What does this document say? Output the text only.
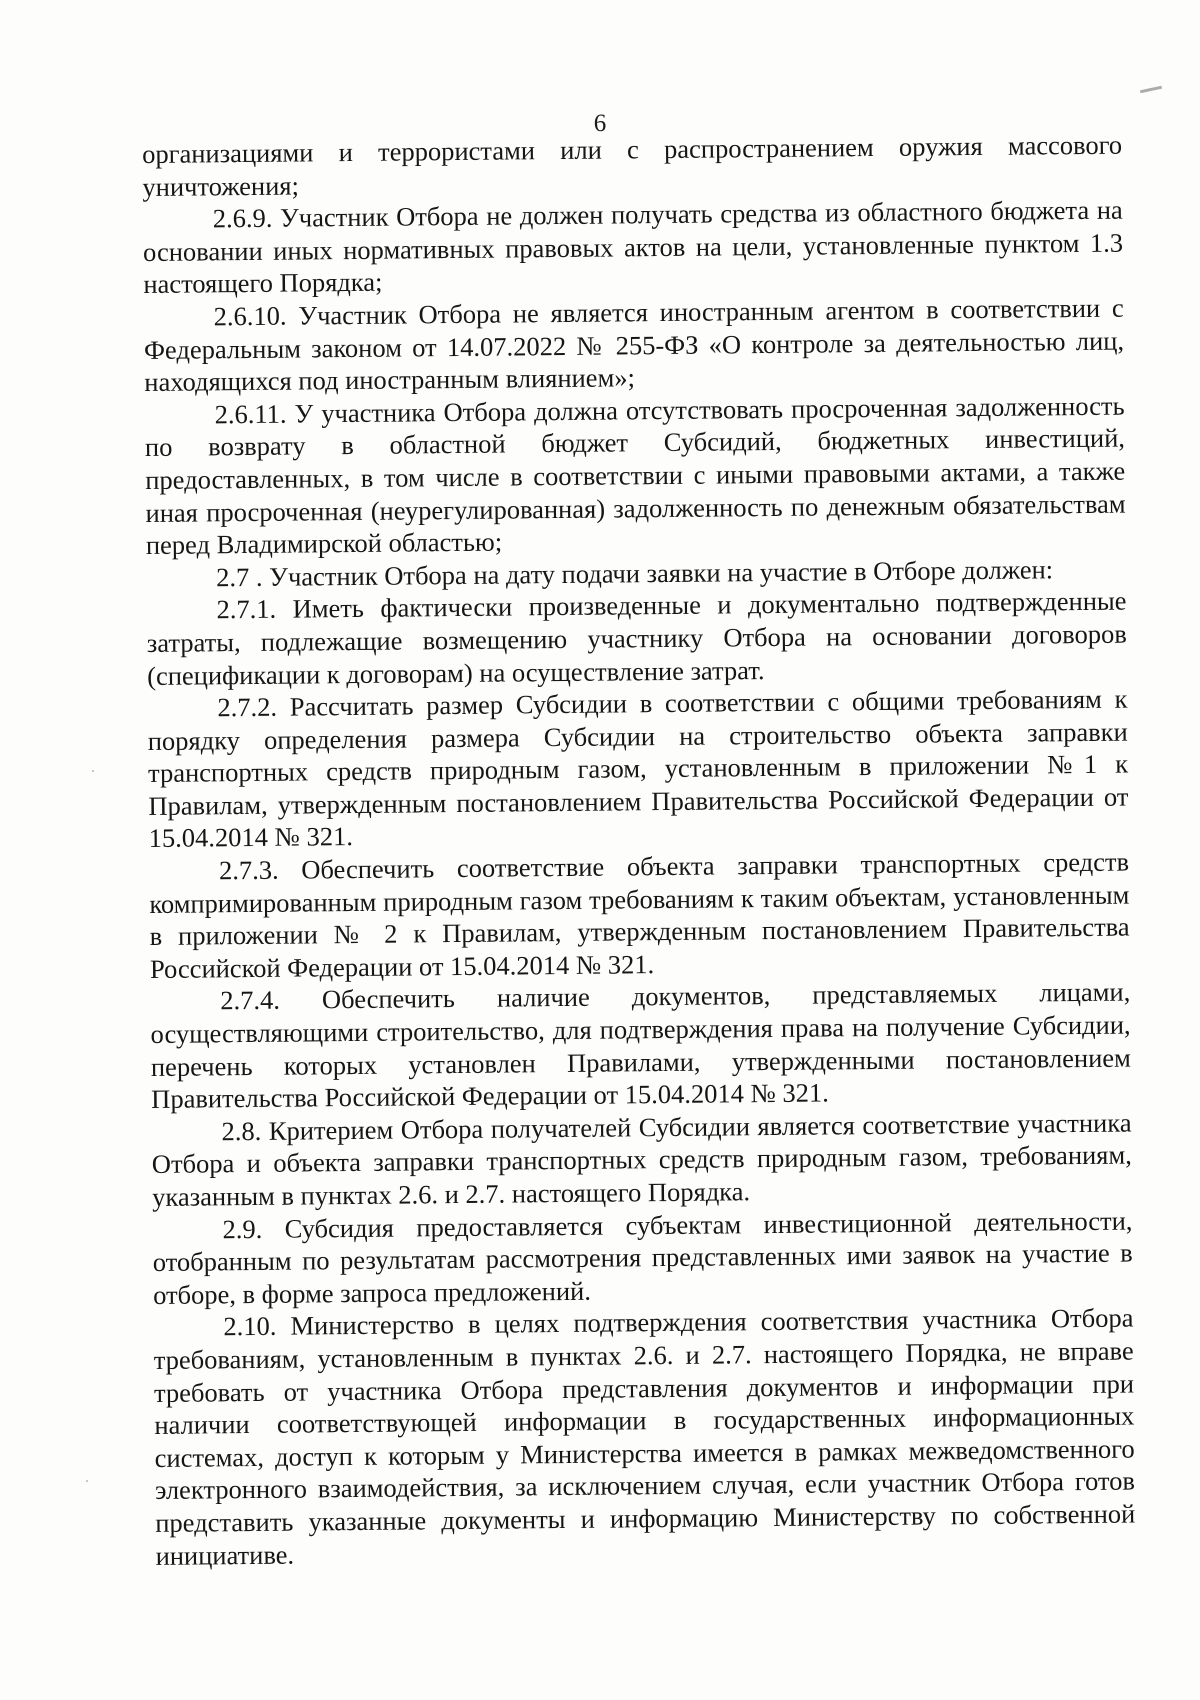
6

организациями и террористами или с распространением оружия массового уничтожения;

2.6.9. Участник Отбора не должен получать средства из областного бюджета на основании иных нормативных правовых актов на цели, установленные пунктом 1.3 настоящего Порядка;

2.6.10. Участник Отбора не является иностранным агентом в соответствии с Федеральным законом от 14.07.2022 № 255-ФЗ «О контроле за деятельностью лиц, находящихся под иностранным влиянием»;

2.6.11. У участника Отбора должна отсутствовать просроченная задолженность по возврату в областной бюджет Субсидий, бюджетных инвестиций, предоставленных, в том числе в соответствии с иными правовыми актами, а также иная просроченная (неурегулированная) задолженность по денежным обязательствам перед Владимирской областью;

2.7 . Участник Отбора на дату подачи заявки на участие в Отборе должен:

2.7.1. Иметь фактически произведенные и документально подтвержденные затраты, подлежащие возмещению участнику Отбора на основании договоров (спецификации к договорам) на осуществление затрат.

2.7.2. Рассчитать размер Субсидии в соответствии с общими требованиям к порядку определения размера Субсидии на строительство объекта заправки транспортных средств природным газом, установленным в приложении №1 к Правилам, утвержденным постановлением Правительства Российской Федерации от 15.04.2014 № 321.

2.7.3. Обеспечить соответствие объекта заправки транспортных средств компримированным природным газом требованиям к таким объектам, установленным в приложении № 2 к Правилам, утвержденным постановлением Правительства Российской Федерации от 15.04.2014 № 321.

2.7.4. Обеспечить наличие документов, представляемых лицами, осуществляющими строительство, для подтверждения права на получение Субсидии, перечень которых установлен Правилами, утвержденными постановлением Правительства Российской Федерации от 15.04.2014 № 321.

2.8. Критерием Отбора получателей Субсидии является соответствие участника Отбора и объекта заправки транспортных средств природным газом, требованиям, указанным в пунктах 2.6. и 2.7. настоящего Порядка.

2.9. Субсидия предоставляется субъектам инвестиционной деятельности, отобранным по результатам рассмотрения представленных ими заявок на участие в отборе, в форме запроса предложений.

2.10. Министерство в целях подтверждения соответствия участника Отбора требованиям, установленным в пунктах 2.6. и 2.7. настоящего Порядка, не вправе требовать от участника Отбора представления документов и информации при наличии соответствующей информации в государственных информационных системах, доступ к которым у Министерства имеется в рамках межведомственного электронного взаимодействия, за исключением случая, если участник Отбора готов представить указанные документы и информацию Министерству по собственной инициативе.
